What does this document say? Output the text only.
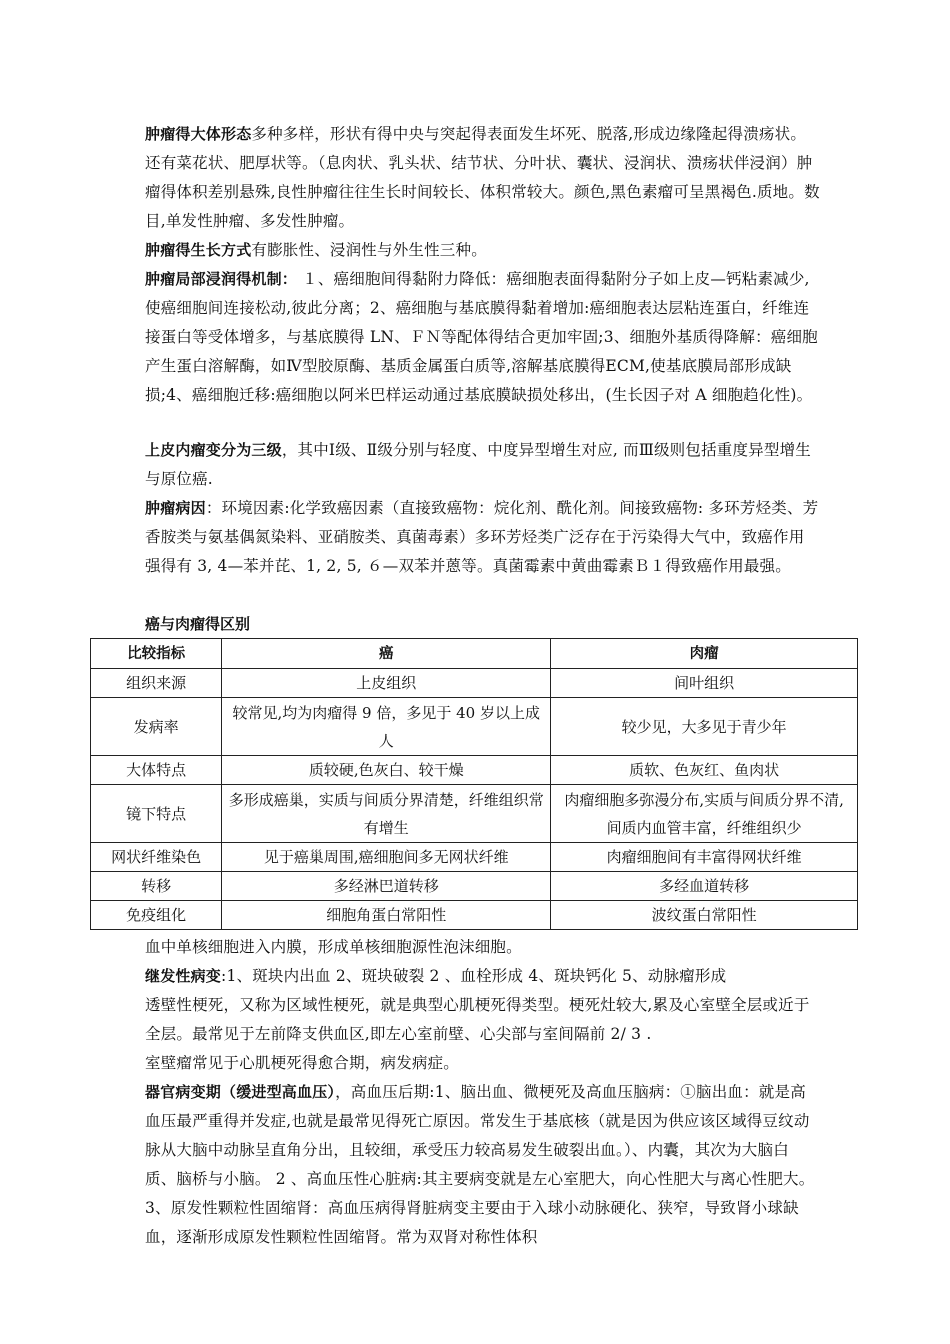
肿瘤得大体形态多种多样，形状有得中央与突起得表面发生坏死、脱落,形成边缘隆起得溃疡状。还有菜花状、肥厚状等。（息肉状、乳头状、结节状、分叶状、囊状、浸润状、溃疡状伴浸润）肿瘤得体积差别悬殊,良性肿瘤往往生长时间较长、体积常较大。颜色,黑色素瘤可呈黑褐色.质地。数目,单发性肿瘤、多发性肿瘤。

肿瘤得生长方式有膨胀性、浸润性与外生性三种。

肿瘤局部浸润得机制： １、癌细胞间得黏附力降低：癌细胞表面得黏附分子如上皮—钙粘素减少,使癌细胞间连接松动,彼此分离；2、癌细胞与基底膜得黏着增加:癌细胞表达层粘连蛋白，纤维连接蛋白等受体增多，与基底膜得 LN、ＦＮ等配体得结合更加牢固;3、细胞外基质得降解：癌细胞产生蛋白溶解酶，如Ⅳ型胶原酶、基质金属蛋白质等,溶解基底膜得ECM,使基底膜局部形成缺损;4、癌细胞迁移:癌细胞以阿米巴样运动通过基底膜缺损处移出，(生长因子对 A 细胞趋化性)。

上皮内瘤变分为三级，其中Ⅰ级、Ⅱ级分别与轻度、中度异型增生对应, 而Ⅲ级则包括重度异型增生与原位癌.

肿瘤病因：环境因素:化学致癌因素（直接致癌物：烷化剂、酰化剂。间接致癌物: 多环芳烃类、芳香胺类与氨基偶氮染料、亚硝胺类、真菌毒素）多环芳烃类广泛存在于污染得大气中，致癌作用强得有 3, 4—苯并芘、1, 2, 5, ６—双苯并蒽等。真菌霉素中黄曲霉素Ｂ１得致癌作用最强。

癌与肉瘤得区别
比较指标	癌	肉瘤
组织来源	上皮组织	间叶组织
发病率	较常见,均为肉瘤得 9 倍，多见于 40 岁以上成人	较少见，大多见于青少年
大体特点	质较硬,色灰白、较干燥	质软、色灰红、鱼肉状
镜下特点	多形成癌巢，实质与间质分界清楚，纤维组织常有增生	肉瘤细胞多弥漫分布,实质与间质分界不清,间质内血管丰富，纤维组织少
网状纤维染色	见于癌巢周围,癌细胞间多无网状纤维	肉瘤细胞间有丰富得网状纤维
转移	多经淋巴道转移	多经血道转移
免疫组化	细胞角蛋白常阳性	波纹蛋白常阳性

血中单核细胞进入内膜，形成单核细胞源性泡沫细胞。

继发性病变:1、斑块内出血 2、斑块破裂 2 、血栓形成 4、斑块钙化 5、动脉瘤形成

透壁性梗死，又称为区域性梗死，就是典型心肌梗死得类型。梗死灶较大,累及心室壁全层或近于全层。最常见于左前降支供血区,即左心室前壁、心尖部与室间隔前 2/ 3 .

室壁瘤常见于心肌梗死得愈合期，病发病症。

器官病变期（缓进型高血压），高血压后期:1、脑出血、微梗死及高血压脑病：①脑出血：就是高血压最严重得并发症,也就是最常见得死亡原因。常发生于基底核（就是因为供应该区域得豆纹动脉从大脑中动脉呈直角分出，且较细，承受压力较高易发生破裂出血。）、内囊，其次为大脑白质、脑桥与小脑。 2 、高血压性心脏病:其主要病变就是左心室肥大，向心性肥大与离心性肥大。3、原发性颗粒性固缩肾：高血压病得肾脏病变主要由于入球小动脉硬化、狭窄，导致肾小球缺血，逐渐形成原发性颗粒性固缩肾。常为双肾对称性体积
